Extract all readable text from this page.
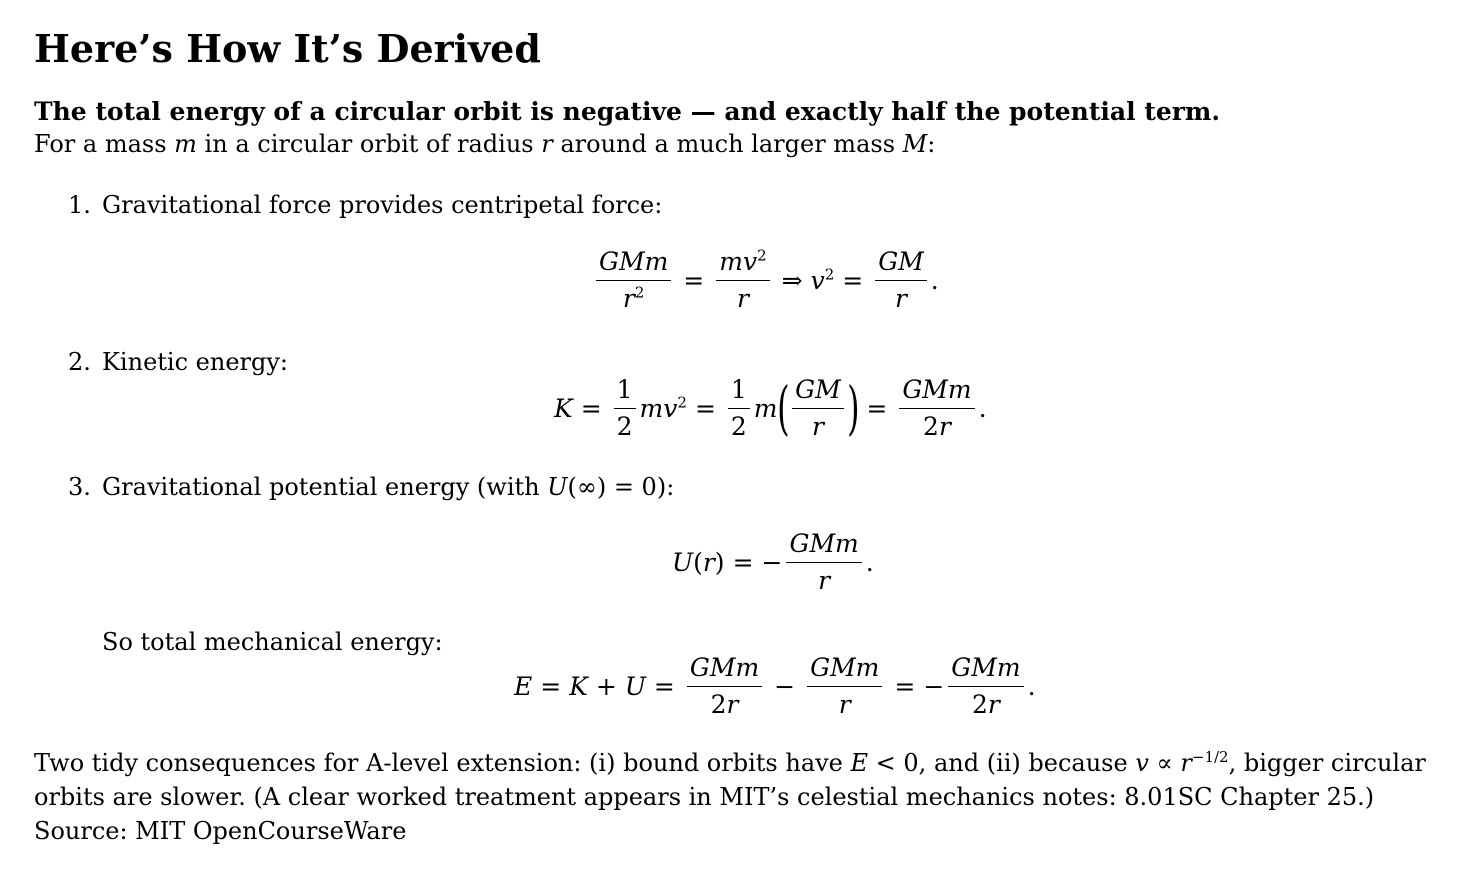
Here’s How It’s Derived
The total energy of a circular orbit is negative — and exactly half the potential term.
For a mass m in a circular orbit of radius r around a much larger mass M:
1. Gravitational force provides centripetal force:
$\frac{\text{GMm}}{r^2} = \frac{mv^2}{r}$ ⇒ $v^2 = \frac{GM}{r}$ .
2. Kinetic energy:
$K = \frac{1}{2} mv^2 = \frac{1}{2}$ m ( $\frac{GM}{r}$ ) = $\frac{\text{GMm}}{2r}$ .
3. Gravitational potential energy (with U(∞) = 0):
U(r) = − $\frac{\text{GMm}}{r}$ .
So total mechanical energy:
$E = K + U = \frac{\text{GMm}}{2r} - \frac{\text{GMm}}{r}$ = − $\frac{\text{GMm}}{2r}$ .
Two tidy consequences for A-level extension: (i) bound orbits have E < 0, and (ii) because $v \propto r^{-1/2}$, bigger circular
orbits are slower. (A clear worked treatment appears in MIT’s celestial mechanics notes: 8.01SC Chapter 25.)
Source: MIT OpenCourseWare
